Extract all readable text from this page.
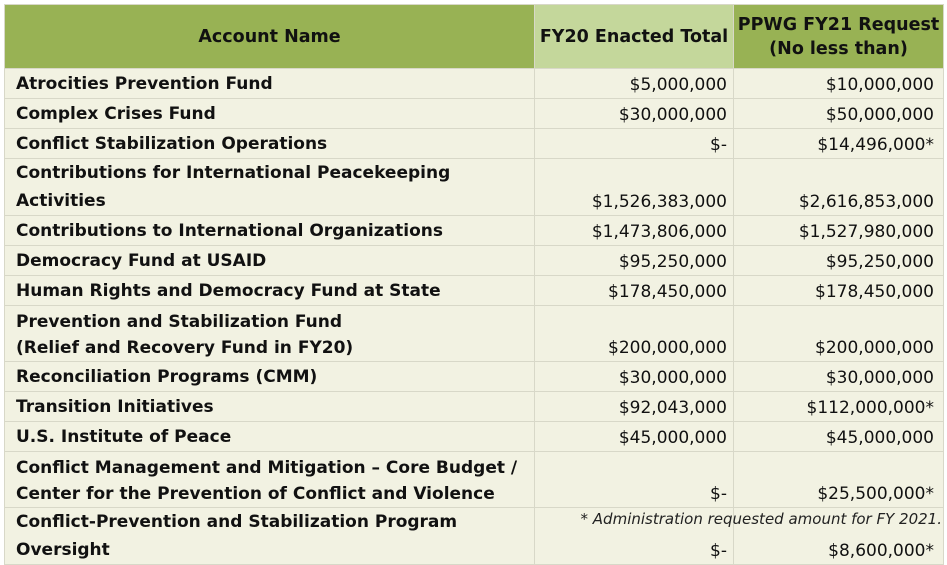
Account Name	FY20 Enacted Total	PPWG FY21 Request
(No less than)

Atrocities Prevention Fund	$5,000,000	$10,000,000
Complex Crises Fund	$30,000,000	$50,000,000
Conflict Stabilization Operations	$-	$14,496,000*
Contributions for International Peacekeeping Activities	$1,526,383,000	$2,616,853,000
Contributions to International Organizations	$1,473,806,000	$1,527,980,000
Democracy Fund at USAID	$95,250,000	$95,250,000
Human Rights and Democracy Fund at State	$178,450,000	$178,450,000

Prevention and Stabilization Fund
(Relief and Recovery Fund in FY20)	$200,000,000	$200,000,000
Reconciliation Programs (CMM)	$30,000,000	$30,000,000
Transition Initiatives	$92,043,000	$112,000,000*
U.S. Institute of Peace	$45,000,000	$45,000,000

Conflict Management and Mitigation – Core Budget /
Center for the Prevention of Conflict and Violence	$-	$25,500,000*
Conflict-Prevention and Stabilization Program Oversight	$-	$8,600,000*
* Administration requested amount for FY 2021.
